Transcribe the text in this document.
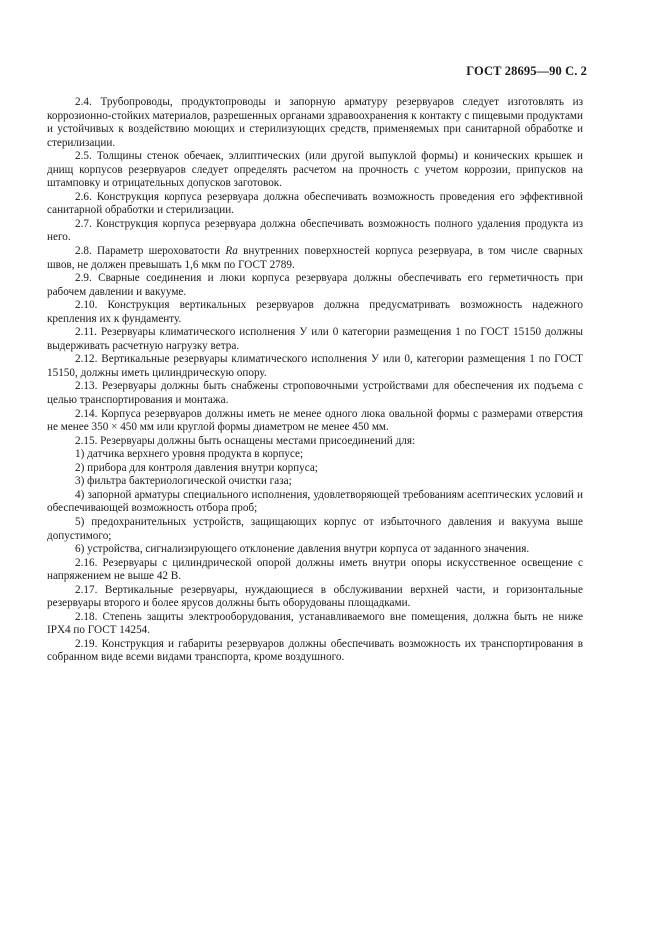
ГОСТ 28695—90 С. 2

2.4. Трубопроводы, продуктопроводы и запорную арматуру резервуаров следует изготовлять из коррозионно-стойких материалов, разрешенных органами здравоохранения к контакту с пищевыми продуктами и устойчивых к воздействию моющих и стерилизующих средств, применяемых при санитарной обработке и стерилизации.

2.5. Толщины стенок обечаек, эллиптических (или другой выпуклой формы) и конических крышек и днищ корпусов резервуаров следует определять расчетом на прочность с учетом коррозии, припусков на штамповку и отрицательных допусков заготовок.

2.6. Конструкция корпуса резервуара должна обеспечивать возможность проведения его эффективной санитарной обработки и стерилизации.

2.7. Конструкция корпуса резервуара должна обеспечивать возможность полного удаления продукта из него.

2.8. Параметр шероховатости Ra внутренних поверхностей корпуса резервуара, в том числе сварных швов, не должен превышать 1,6 мкм по ГОСТ 2789.

2.9. Сварные соединения и люки корпуса резервуара должны обеспечивать его герметичность при рабочем давлении и вакууме.

2.10. Конструкция вертикальных резервуаров должна предусматривать возможность надежного крепления их к фундаменту.

2.11. Резервуары климатического исполнения У или 0 категории размещения 1 по ГОСТ 15150 должны выдерживать расчетную нагрузку ветра.

2.12. Вертикальные резервуары климатического исполнения У или 0, категории размещения 1 по ГОСТ 15150, должны иметь цилиндрическую опору.

2.13. Резервуары должны быть снабжены строповочными устройствами для обеспечения их подъема с целью транспортирования и монтажа.

2.14. Корпуса резервуаров должны иметь не менее одного люка овальной формы с размерами отверстия не менее 350 × 450 мм или круглой формы диаметром не менее 450 мм.

2.15. Резервуары должны быть оснащены местами присоединений для:

1) датчика верхнего уровня продукта в корпусе;

2) прибора для контроля давления внутри корпуса;

3) фильтра бактериологической очистки газа;

4) запорной арматуры специального исполнения, удовлетворяющей требованиям асептических условий и обеспечивающей возможность отбора проб;

5) предохранительных устройств, защищающих корпус от избыточного давления и вакуума выше допустимого;

6) устройства, сигнализирующего отклонение давления внутри корпуса от заданного значения.

2.16. Резервуары с цилиндрической опорой должны иметь внутри опоры искусственное освещение с напряжением не выше 42 В.

2.17. Вертикальные резервуары, нуждающиеся в обслуживании верхней части, и горизонтальные резервуары второго и более ярусов должны быть оборудованы площадками.

2.18. Степень защиты электрооборудования, устанавливаемого вне помещения, должна быть не ниже IPX4 по ГОСТ 14254.

2.19. Конструкция и габариты резервуаров должны обеспечивать возможность их транспортирования в собранном виде всеми видами транспорта, кроме воздушного.
